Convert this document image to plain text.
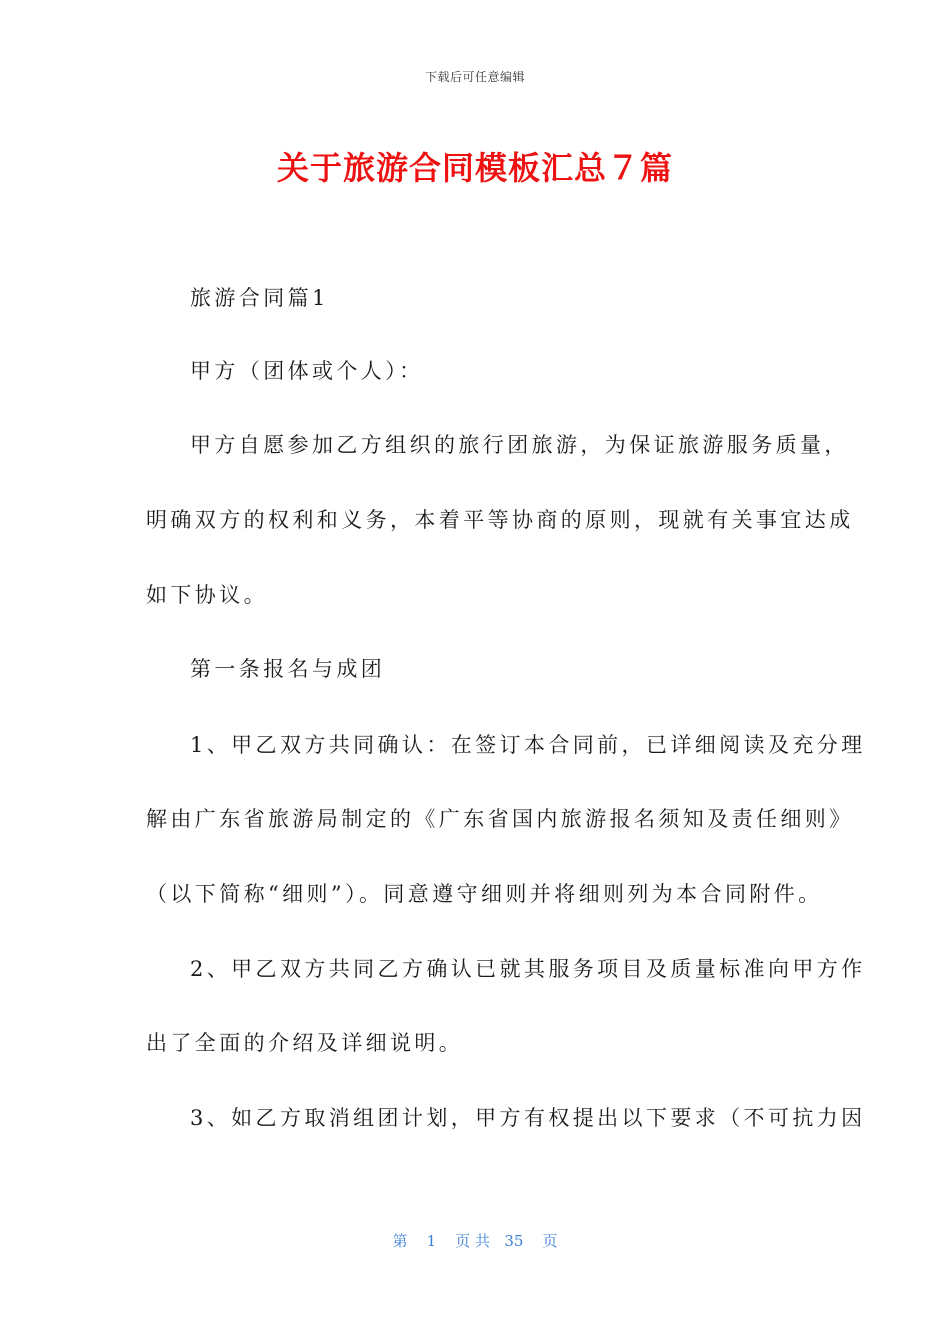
下载后可任意编辑
关于旅游合同模板汇总７篇

旅游合同篇1

甲方（团体或个人）：

甲方自愿参加乙方组织的旅行团旅游，为保证旅游服务质量，

明确双方的权利和义务，本着平等协商的原则，现就有关事宜达成

如下协议。

第一条报名与成团

1、甲乙双方共同确认：在签订本合同前，已详细阅读及充分理

解由广东省旅游局制定的《广东省国内旅游报名须知及责任细则》

（以下简称“细则”）。同意遵守细则并将细则列为本合同附件。

2、甲乙双方共同乙方确认已就其服务项目及质量标准向甲方作

出了全面的介绍及详细说明。

3、如乙方取消组团计划，甲方有权提出以下要求（不可抗力因

第 1 页 共 35 页
